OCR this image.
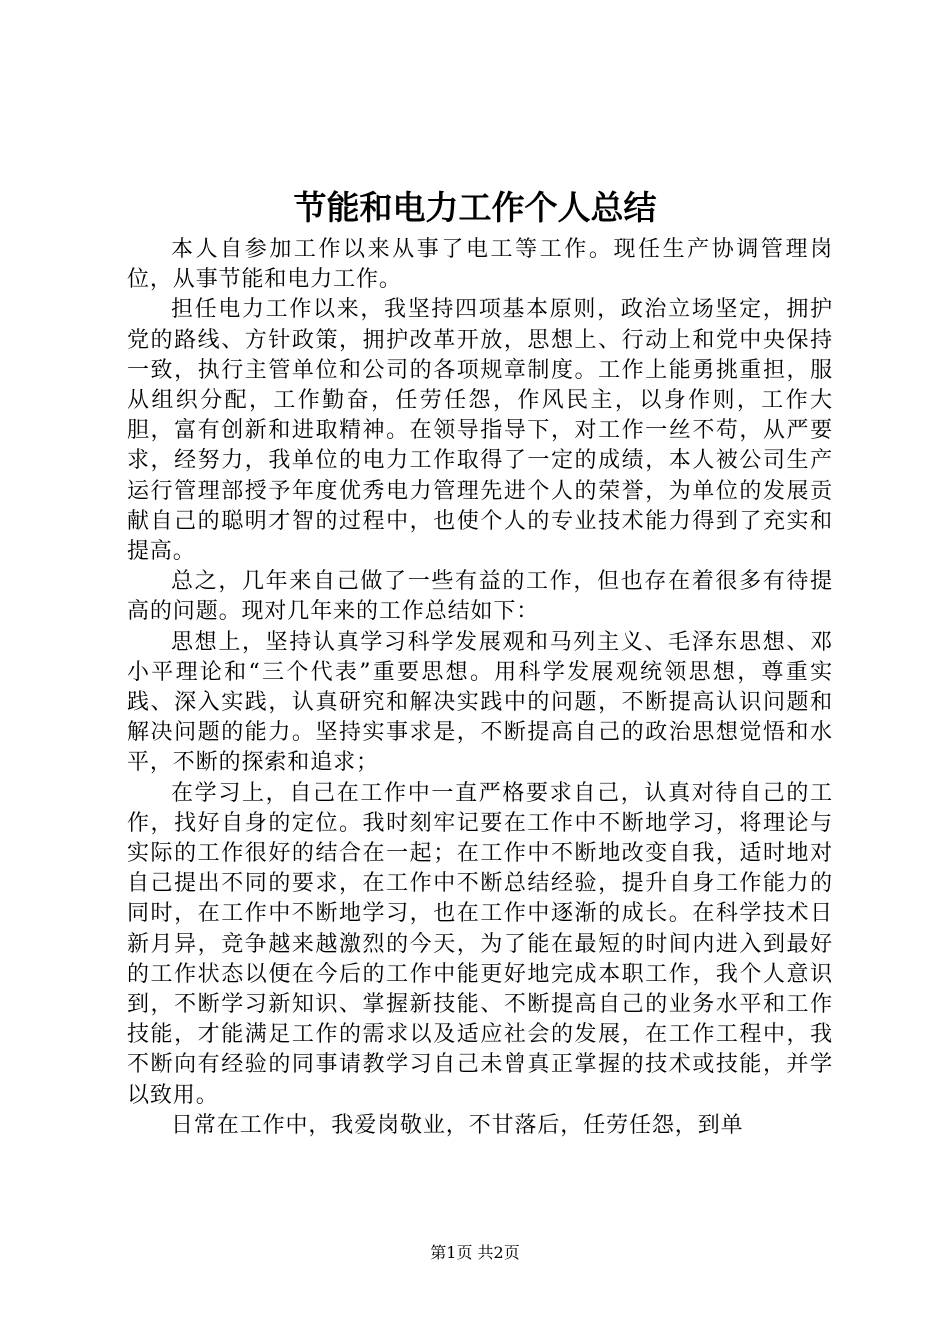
节能和电力工作个人总结

本人自参加工作以来从事了电工等工作。现任生产协调管理岗位，从事节能和电力工作。

担任电力工作以来，我坚持四项基本原则，政治立场坚定，拥护党的路线、方针政策，拥护改革开放，思想上、行动上和党中央保持一致，执行主管单位和公司的各项规章制度。工作上能勇挑重担，服从组织分配，工作勤奋，任劳任怨，作风民主，以身作则，工作大胆，富有创新和进取精神。在领导指导下，对工作一丝不苟，从严要求，经努力，我单位的电力工作取得了一定的成绩，本人被公司生产运行管理部授予年度优秀电力管理先进个人的荣誉，为单位的发展贡献自己的聪明才智的过程中，也使个人的专业技术能力得到了充实和提高。

总之，几年来自己做了一些有益的工作，但也存在着很多有待提高的问题。现对几年来的工作总结如下：

思想上，坚持认真学习科学发展观和马列主义、毛泽东思想、邓小平理论和“三个代表”重要思想。用科学发展观统领思想，尊重实践、深入实践，认真研究和解决实践中的问题，不断提高认识问题和解决问题的能力。坚持实事求是，不断提高自己的政治思想觉悟和水平，不断的探索和追求；

在学习上，自己在工作中一直严格要求自己，认真对待自己的工作，找好自身的定位。我时刻牢记要在工作中不断地学习，将理论与实际的工作很好的结合在一起；在工作中不断地改变自我，适时地对自己提出不同的要求，在工作中不断总结经验，提升自身工作能力的同时，在工作中不断地学习，也在工作中逐渐的成长。在科学技术日新月异，竞争越来越激烈的今天，为了能在最短的时间内进入到最好的工作状态以便在今后的工作中能更好地完成本职工作，我个人意识到，不断学习新知识、掌握新技能、不断提高自己的业务水平和工作技能，才能满足工作的需求以及适应社会的发展，在工作工程中，我不断向有经验的同事请教学习自己未曾真正掌握的技术或技能，并学以致用。

日常在工作中，我爱岗敬业，不甘落后，任劳任怨，到单

第1页 共2页
